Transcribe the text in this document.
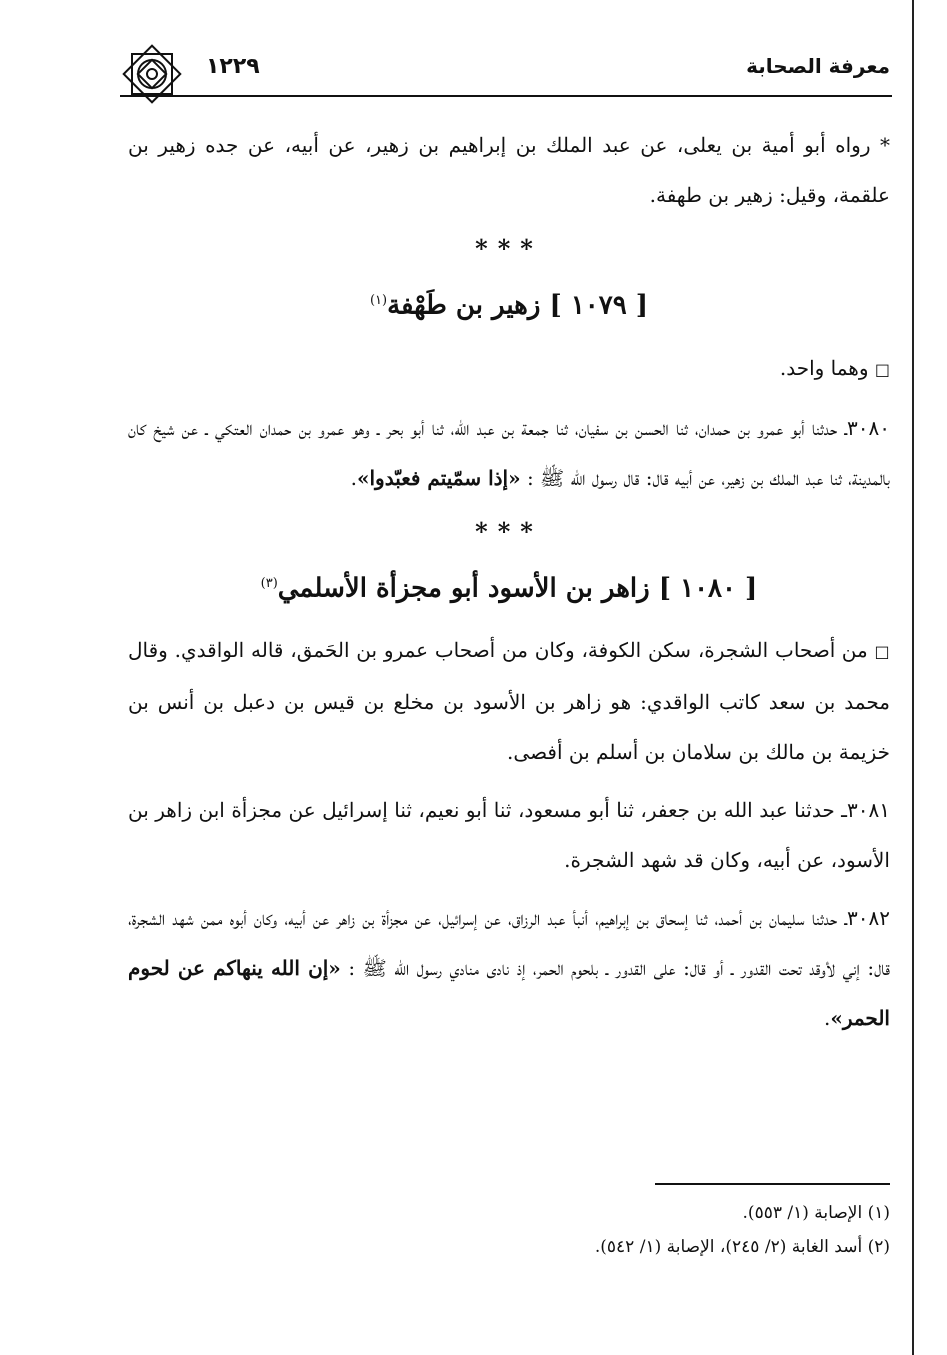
معرفة الصحابة
١٢٢٩

* رواه أبو أمية بن يعلى، عن عبد الملك بن إبراهيم بن زهير، عن أبيه، عن جده زهير بن علقمة، وقيل: زهير بن طهفة.

***
[ ١٠٧٩ ] زهير بن طَهْفة$^{(١)}$

□ وهما واحد.

٣٠٨٠ـ حدثنا أبو عمرو بن حمدان، ثنا الحسن بن سفيان، ثنا جمعة بن عبد الله، ثنا أبو بحر ـ وهو عمرو بن حمدان العتكي ـ عن شيخ كان بالمدينة، ثنا عبد الملك بن زهير، عن أبيه قال: قال رسول الله ﷺ : «إذا سمّيتم فعبّدوا».

***
[ ١٠٨٠ ] زاهر بن الأسود أبو مجزأة الأسلمي$^{(٣)}$

□ من أصحاب الشجرة، سكن الكوفة، وكان من أصحاب عمرو بن الحَمق، قاله الواقدي. وقال محمد بن سعد كاتب الواقدي: هو زاهر بن الأسود بن مخلع بن قيس بن دعبل بن أنس بن خزيمة بن مالك بن سلامان بن أسلم بن أفصى.

٣٠٨١ـ حدثنا عبد الله بن جعفر، ثنا أبو مسعود، ثنا أبو نعيم، ثنا إسرائيل عن مجزأة ابن زاهر بن الأسود، عن أبيه، وكان قد شهد الشجرة.

٣٠٨٢ـ حدثنا سليمان بن أحمد، ثنا إسحاق بن إبراهيم، أنبأ عبد الرزاق، عن إسرائيل، عن مجزأة بن زاهر عن أبيه، وكان أبوه ممن شهد الشجرة، قال: إني لأوقد تحت القدور ـ أو قال: على القدور ـ بلحوم الحمر، إذ نادى منادي رسول الله ﷺ : «إن الله ينهاكم عن لحوم الحمر».

(١) الإصابة (١/ ٥٥٣).

(٢) أسد الغابة (٢/ ٢٤٥)، الإصابة (١/ ٥٤٢).
